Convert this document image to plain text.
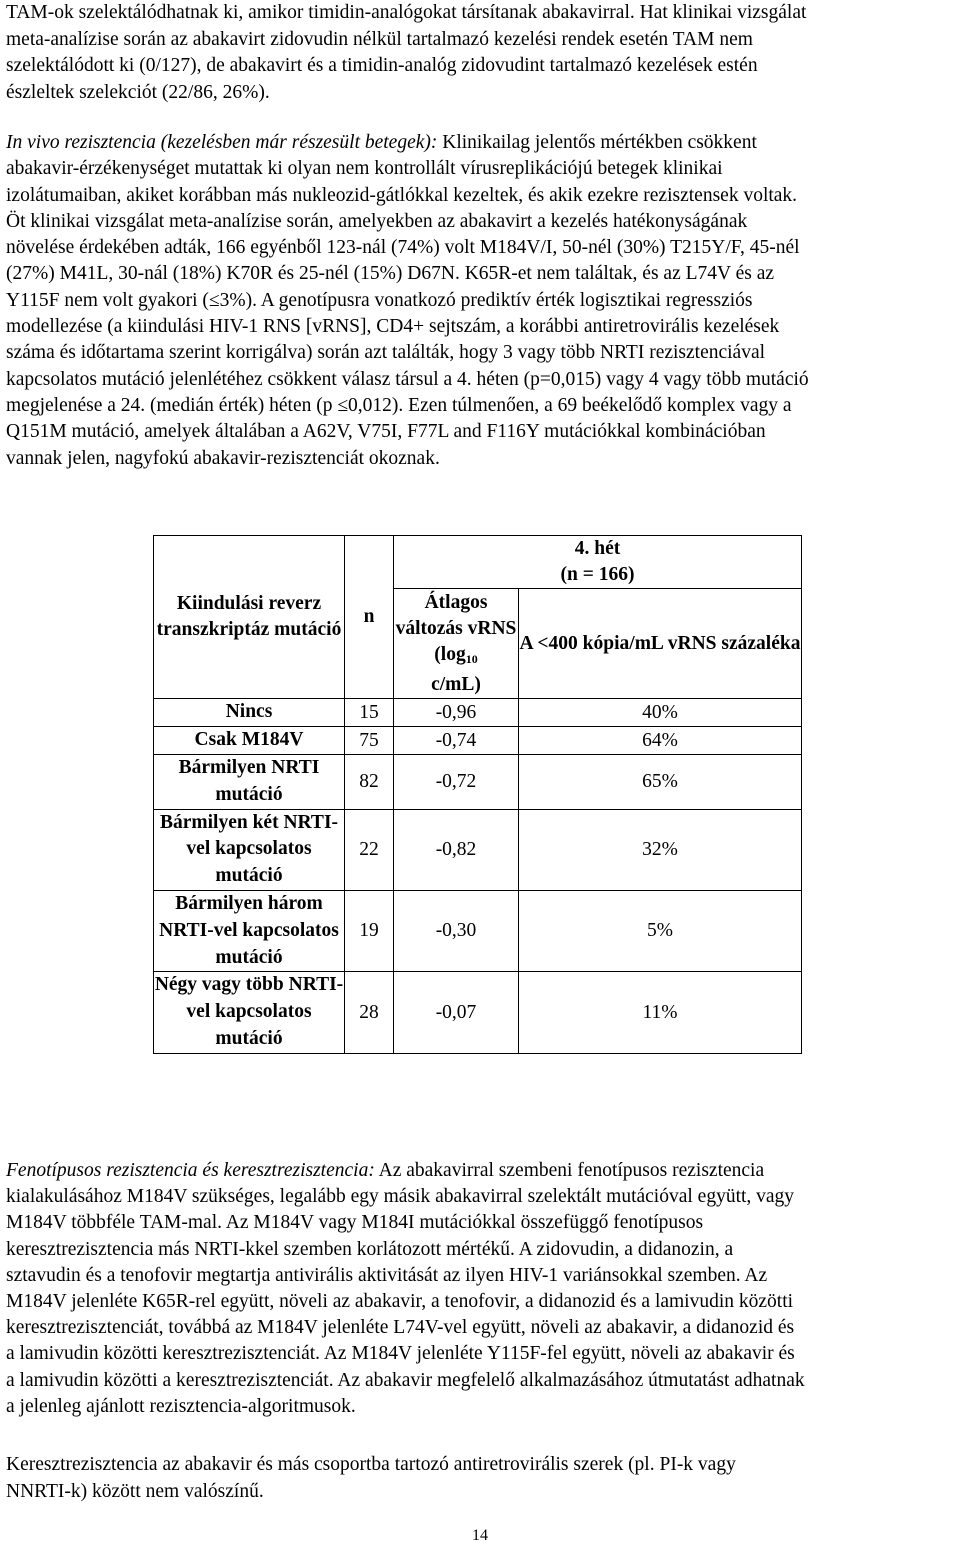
TAM-ok szelektálódhatnak ki, amikor timidin-analógokat társítanak abakavirral. Hat klinikai vizsgálat
meta-analízise során az abakavirt zidovudin nélkül tartalmazó kezelési rendek esetén TAM nem
szelektálódott ki (0/127), de abakavirt és a timidin-analóg zidovudint tartalmazó kezelések estén
észleltek szelekciót (22/86, 26%).
In vivo rezisztencia (kezelésben már részesült betegek): Klinikailag jelentős mértékben csökkent
abakavir-érzékenységet mutattak ki olyan nem kontrollált vírusreplikációjú betegek klinikai
izolátumaiban, akiket korábban más nukleozid-gátlókkal kezeltek, és akik ezekre rezisztensek voltak.
Öt klinikai vizsgálat meta-analízise során, amelyekben az abakavirt a kezelés hatékonyságának
növelése érdekében adták, 166 egyénből 123-nál (74%) volt M184V/I, 50-nél (30%) T215Y/F, 45-nél
(27%) M41L, 30-nál (18%) K70R és 25-nél (15%) D67N. K65R-et nem találtak, és az L74V és az
Y115F nem volt gyakori (≤3%). A genotípusra vonatkozó prediktív érték logisztikai regressziós
modellezése (a kiindulási HIV-1 RNS [vRNS], CD4+ sejtszám, a korábbi antiretrovirális kezelések
száma és időtartama szerint korrigálva) során azt találták, hogy 3 vagy több NRTI rezisztenciával
kapcsolatos mutáció jelenlétéhez csökkent válasz társul a 4. héten (p=0,015) vagy 4 vagy több mutáció
megjelenése a 24. (medián érték) héten (p ≤0,012). Ezen túlmenően, a 69 beékelődő komplex vagy a
Q151M mutáció, amelyek általában a A62V, V75I, F77L and F116Y mutációkkal kombinációban
vannak jelen, nagyfokú abakavir-rezisztenciát okoznak.
Kiindulási reverz transzkriptáz mutáció	n	4. hét
(n = 166)	

		Átlagos változás vRNS ($\log_{10}$
c/mL)	A <400 kópia/mL vRNS százaléka
Nincs	15	-0,96	40%
Csak M184V	75	-0,74	64%
Bármilyen NRTI mutáció	82	-0,72	65%
Bármilyen két NRTI-vel kapcsolatos mutáció	22	-0,82	32%
Bármilyen három NRTI-vel kapcsolatos mutáció	19	-0,30	5%
Négy vagy több NRTI-vel kapcsolatos mutáció	28	-0,07	11%
Fenotípusos rezisztencia és keresztrezisztencia: Az abakavirral szembeni fenotípusos rezisztencia
kialakulásához M184V szükséges, legalább egy másik abakavirral szelektált mutációval együtt, vagy
M184V többféle TAM-mal. Az M184V vagy M184I mutációkkal összefüggő fenotípusos
keresztrezisztencia más NRTI-kkel szemben korlátozott mértékű. A zidovudin, a didanozin, a
sztavudin és a tenofovir megtartja antivirális aktivitását az ilyen HIV-1 variánsokkal szemben. Az
M184V jelenléte K65R-rel együtt, növeli az abakavir, a tenofovir, a didanozid és a lamivudin közötti
keresztrezisztenciát, továbbá az M184V jelenléte L74V-vel együtt, növeli az abakavir, a didanozid és
a lamivudin közötti keresztrezisztenciát. Az M184V jelenléte Y115F-fel együtt, növeli az abakavir és
a lamivudin közötti a keresztrezisztenciát. Az abakavir megfelelő alkalmazásához útmutatást adhatnak
a jelenleg ajánlott rezisztencia-algoritmusok.
Keresztrezisztencia az abakavir és más csoportba tartozó antiretrovirális szerek (pl. PI-k vagy
NNRTI-k) között nem valószínű.
14
